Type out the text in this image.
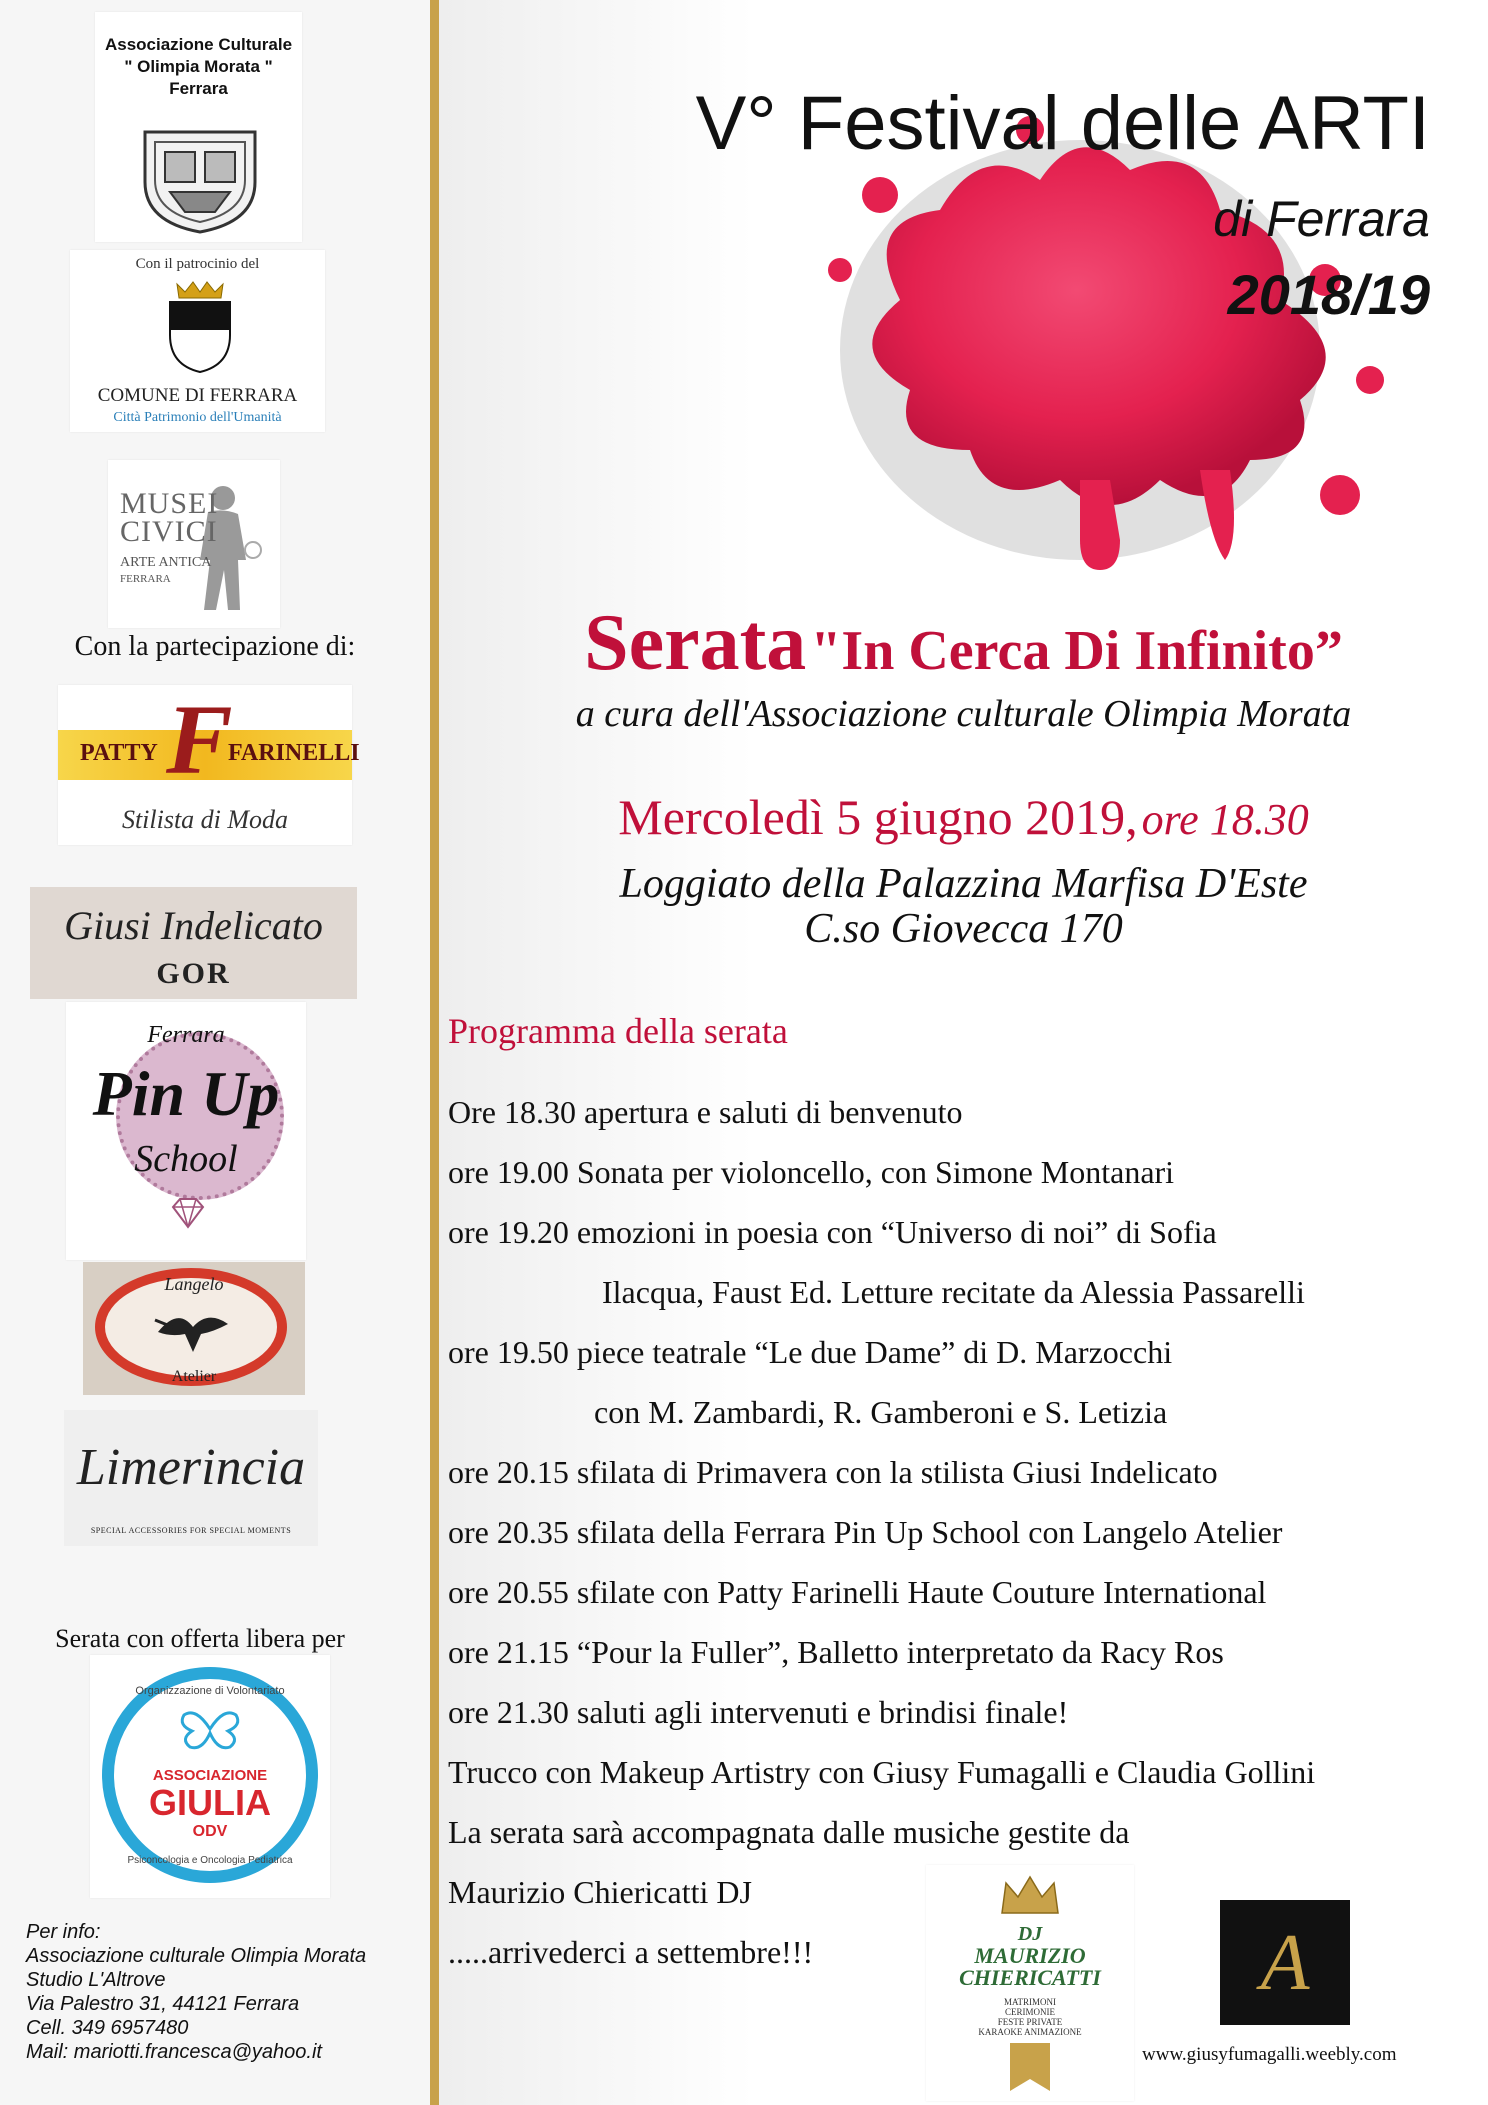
Associazione Culturale
" Olimpia Morata "
Ferrara
Con il patrocinio del
COMUNE DI FERRARA
Città Patrimonio dell'Umanità
MUSEI
CIVICI
ARTE ANTICA
FERRARA
Con la partecipazione di:
PATTY	FARINELLI
F
Stilista di Moda
Giusi Indelicato
GOR
Ferrara
Pin Up
School
Langelo
Atelier
Limerincia
SPECIAL ACCESSORIES FOR SPECIAL MOMENTS
Serata con offerta libera per
Organizzazione di Volontariato
ASSOCIAZIONE
GIULIA
ODV
Psiconcologia e Oncologia Pediatrica
Per info:
Associazione culturale Olimpia Morata
Studio L'Altrove
Via Palestro 31, 44121 Ferrara
Cell. 349 6957480
Mail: mariotti.francesca@yahoo.it
V° Festival delle ARTI
di Ferrara
2018/19
Serata "In Cerca Di Infinito”
a cura dell'Associazione culturale Olimpia Morata
Mercoledì 5 giugno 2019, ore 18.30
Loggiato della Palazzina Marfisa D'Este
C.so Giovecca 170
Programma della serata
Ore 18.30 apertura e saluti di benvenuto
ore 19.00 Sonata per violoncello, con Simone Montanari
ore 19.20 emozioni in poesia con “Universo di noi” di Sofia
Ilacqua, Faust Ed. Letture recitate da Alessia Passarelli
ore 19.50 piece teatrale “Le due Dame” di D. Marzocchi
con M. Zambardi, R. Gamberoni e S. Letizia
ore 20.15 sfilata di Primavera con la stilista Giusi Indelicato
ore 20.35 sfilata della Ferrara Pin Up School con Langelo Atelier
ore 20.55 sfilate con Patty Farinelli Haute Couture International
ore 21.15 “Pour la Fuller”, Balletto interpretato da Racy Ros
ore 21.30 saluti agli intervenuti e brindisi finale!
Trucco con Makeup Artistry con Giusy Fumagalli e Claudia Gollini
La serata sarà accompagnata dalle musiche gestite da
Maurizio Chiericatti DJ
.....arrivederci a settembre!!!	DJ
MAURIZIO
CHIERICATTI
MATRIMONI
CERIMONIE
FESTE PRIVATE
KARAOKE ANIMAZIONE
A
www.giusyfumagalli.weebly.com
